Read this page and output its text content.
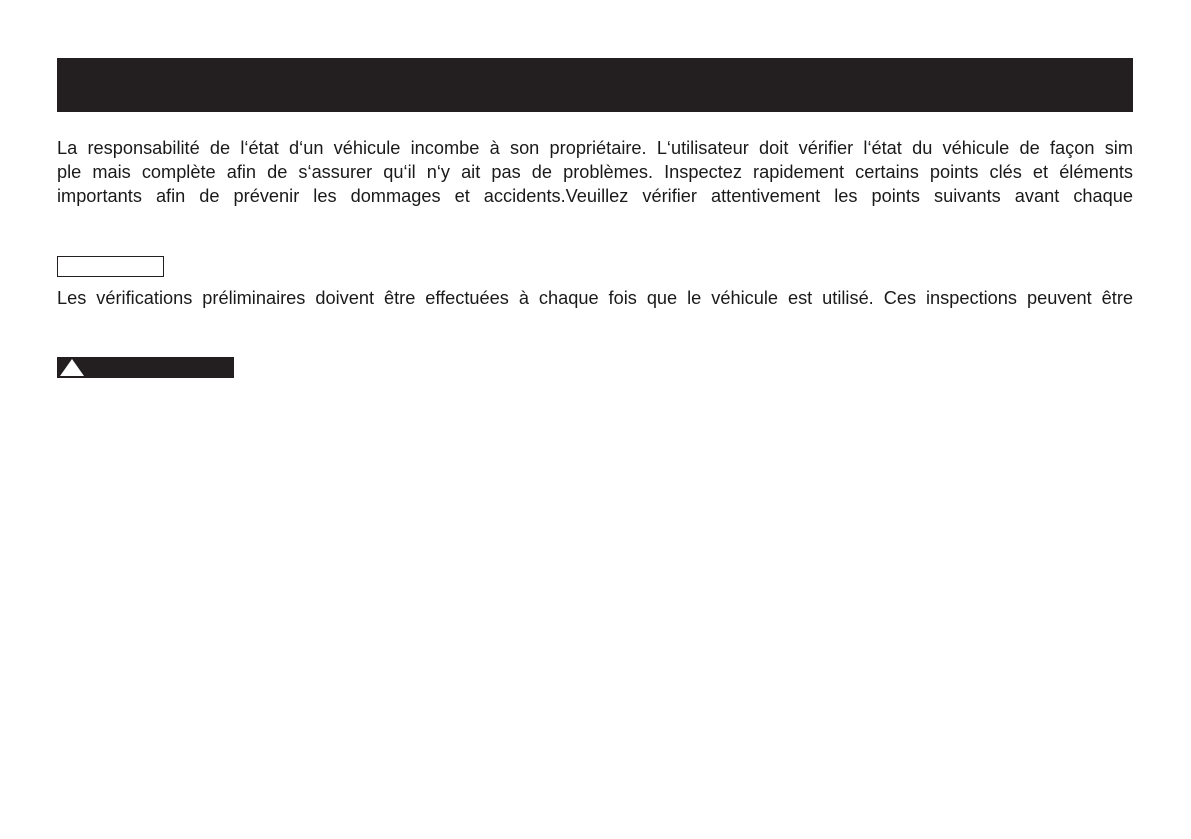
La responsabilité de l‘état d‘un véhicule incombe à son propriétaire. L‘utilisateur doit vérifier l‘état du véhicule de façon sim
ple mais complète afin de s‘assurer qu‘il n‘y ait pas de problèmes. Inspectez rapidement certains points clés et éléments
importants afin de prévenir les dommages et accidents.Veuillez vérifier attentivement les points suivants avant chaque

Les vérifications préliminaires doivent être effectuées à chaque fois que le véhicule est utilisé. Ces inspections peuvent être
